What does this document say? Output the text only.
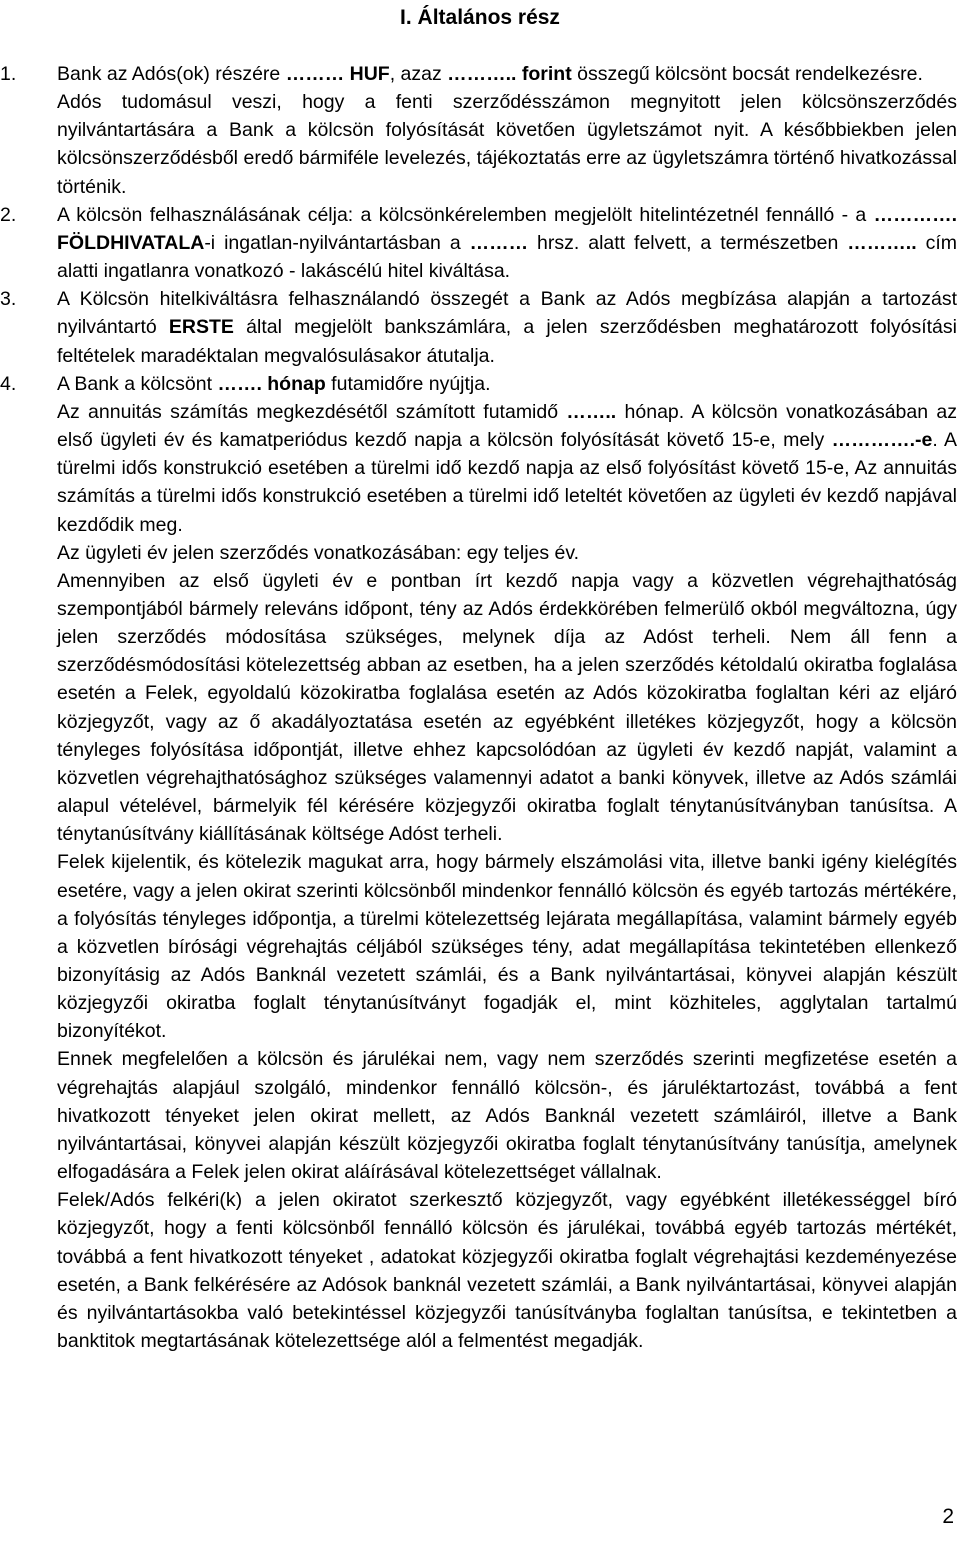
I. Általános rész
1.	Bank az Adós(ok) részére ……… HUF, azaz ……….. forint összegű kölcsönt bocsát rendelkezésre.

Adós tudomásul veszi, hogy a fenti szerződésszámon megnyitott jelen kölcsönszerződés nyilvántartására a Bank a kölcsön folyósítását követően ügyletszámot nyit. A későbbiekben jelen kölcsönszerződésből eredő bármiféle levelezés, tájékoztatás erre az ügyletszámra történő hivatkozással történik.

2.	A kölcsön felhasználásának célja: a kölcsönkérelemben megjelölt hitelintézetnél fennálló - a …………. FÖLDHIVATALA-i ingatlan-nyilvántartásban a ……… hrsz. alatt felvett, a természetben ……….. cím alatti ingatlanra vonatkozó - lakáscélú hitel kiváltása.

3.	A Kölcsön hitelkiváltásra felhasználandó összegét a Bank az Adós megbízása alapján a tartozást nyilvántartó ERSTE által megjelölt bankszámlára, a jelen szerződésben meghatározott folyósítási feltételek maradéktalan megvalósulásakor átutalja.

4.	A Bank a kölcsönt ……. hónap futamidőre nyújtja.

Az annuitás számítás megkezdésétől számított futamidő …….. hónap. A kölcsön vonatkozásában az első ügyleti év és kamatperiódus kezdő napja a kölcsön folyósítását követő 15-e, mely ………….-e. A türelmi idős konstrukció esetében a türelmi idő kezdő napja az első folyósítást követő 15-e, Az annuitás számítás a türelmi idős konstrukció esetében a türelmi idő leteltét követően az ügyleti év kezdő napjával kezdődik meg.

Az ügyleti év jelen szerződés vonatkozásában: egy teljes év.

Amennyiben az első ügyleti év e pontban írt kezdő napja vagy a közvetlen végrehajthatóság szempontjából bármely releváns időpont, tény az Adós érdekkörében felmerülő okból megváltozna, úgy jelen szerződés módosítása szükséges, melynek díja az Adóst terheli. Nem áll fenn a szerződésmódosítási kötelezettség abban az esetben, ha a jelen szerződés kétoldalú okiratba foglalása esetén a Felek, egyoldalú közokiratba foglalása esetén az Adós közokiratba foglaltan kéri az eljáró közjegyzőt, vagy az ő akadályoztatása esetén az egyébként illetékes közjegyzőt, hogy a kölcsön tényleges folyósítása időpontját, illetve ehhez kapcsolódóan az ügyleti év kezdő napját, valamint a közvetlen végrehajthatósághoz szükséges valamennyi adatot a banki könyvek, illetve az Adós számlái alapul vételével, bármelyik fél kérésére közjegyzői okiratba foglalt ténytanúsítványban tanúsítsa. A ténytanúsítvány kiállításának költsége Adóst terheli.

Felek kijelentik, és kötelezik magukat arra, hogy bármely elszámolási vita, illetve banki igény kielégítés esetére, vagy a jelen okirat szerinti kölcsönből mindenkor fennálló kölcsön és egyéb tartozás mértékére, a folyósítás tényleges időpontja, a türelmi kötelezettség lejárata megállapítása, valamint bármely egyéb a közvetlen bírósági végrehajtás céljából szükséges tény, adat megállapítása tekintetében ellenkező bizonyításig az Adós Banknál vezetett számlái, és a Bank nyilvántartásai, könyvei alapján készült közjegyzői okiratba foglalt ténytanúsítványt fogadják el, mint közhiteles, agglytalan tartalmú bizonyítékot.

Ennek megfelelően a kölcsön és járulékai nem, vagy nem szerződés szerinti megfizetése esetén a végrehajtás alapjául szolgáló, mindenkor fennálló kölcsön-, és járuléktartozást, továbbá a fent hivatkozott tényeket jelen okirat mellett, az Adós Banknál vezetett számláiról, illetve a Bank nyilvántartásai, könyvei alapján készült közjegyzői okiratba foglalt ténytanúsítvány tanúsítja, amelynek elfogadására a Felek jelen okirat aláírásával kötelezettséget vállalnak.

Felek/Adós felkéri(k) a jelen okiratot szerkesztő közjegyzőt, vagy egyébként illetékességgel bíró közjegyzőt, hogy a fenti kölcsönből fennálló kölcsön és járulékai, továbbá egyéb tartozás mértékét, továbbá a fent hivatkozott tényeket , adatokat közjegyzői okiratba foglalt végrehajtási kezdeményezése esetén, a Bank felkérésére az Adósok banknál vezetett számlái, a Bank nyilvántartásai, könyvei alapján és nyilvántartásokba való betekintéssel közjegyzői tanúsítványba foglaltan tanúsítsa, e tekintetben a banktitok megtartásának kötelezettsége alól a felmentést megadják.

2
